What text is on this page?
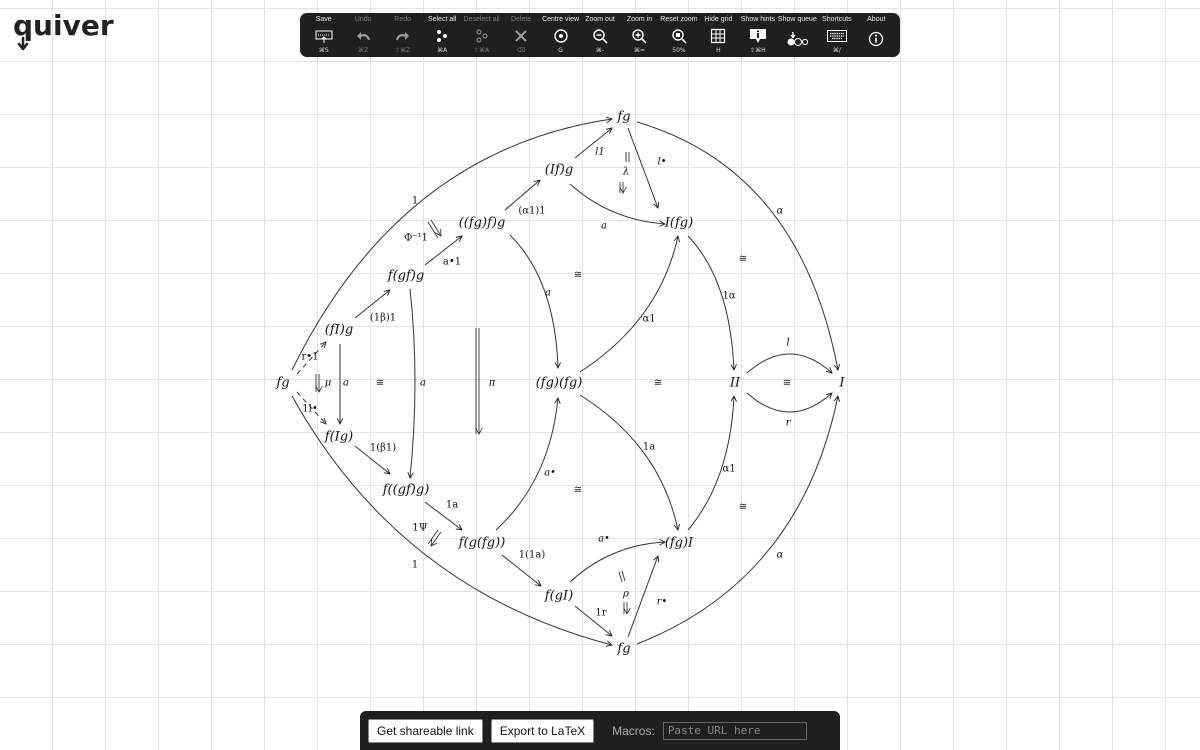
quiver	Save
⌘S
Undo
⌘Z
Redo
⇧⌘Z
Select all
⌘A
Deselect all
⇧⌘A
Delete
⌫
Centre view
G
Zoom out
⌘-
Zoom in
⌘=
Reset zoom
50%
Hide grid
H
Show hints
⇧⌘H
Show queue Shortcuts
⌘/
About
fg
(fI)g
f(Ig)
f(gf)g
f((gf)g)
((fg)f)g
f(g(fg))
(If)g
f(gI)
fg
fg
I(fg)
(fg)I
(fg)(fg)	II	I
1
1
Φ⁻¹1
a•1
(1β)1
1(β1)
r•1
1l•
μ a	a
≅	π
(α1)1
a
a
a•
1a
1(1a)
1Ψ
l1
λ
l•
α1
1α
1a
α1
a•
ρ
1r
r•
α
α
≅
≅
≅
≅
≅
l
r
≅
Get shareable link	Export to LaTeX	Macros:
Paste URL here
